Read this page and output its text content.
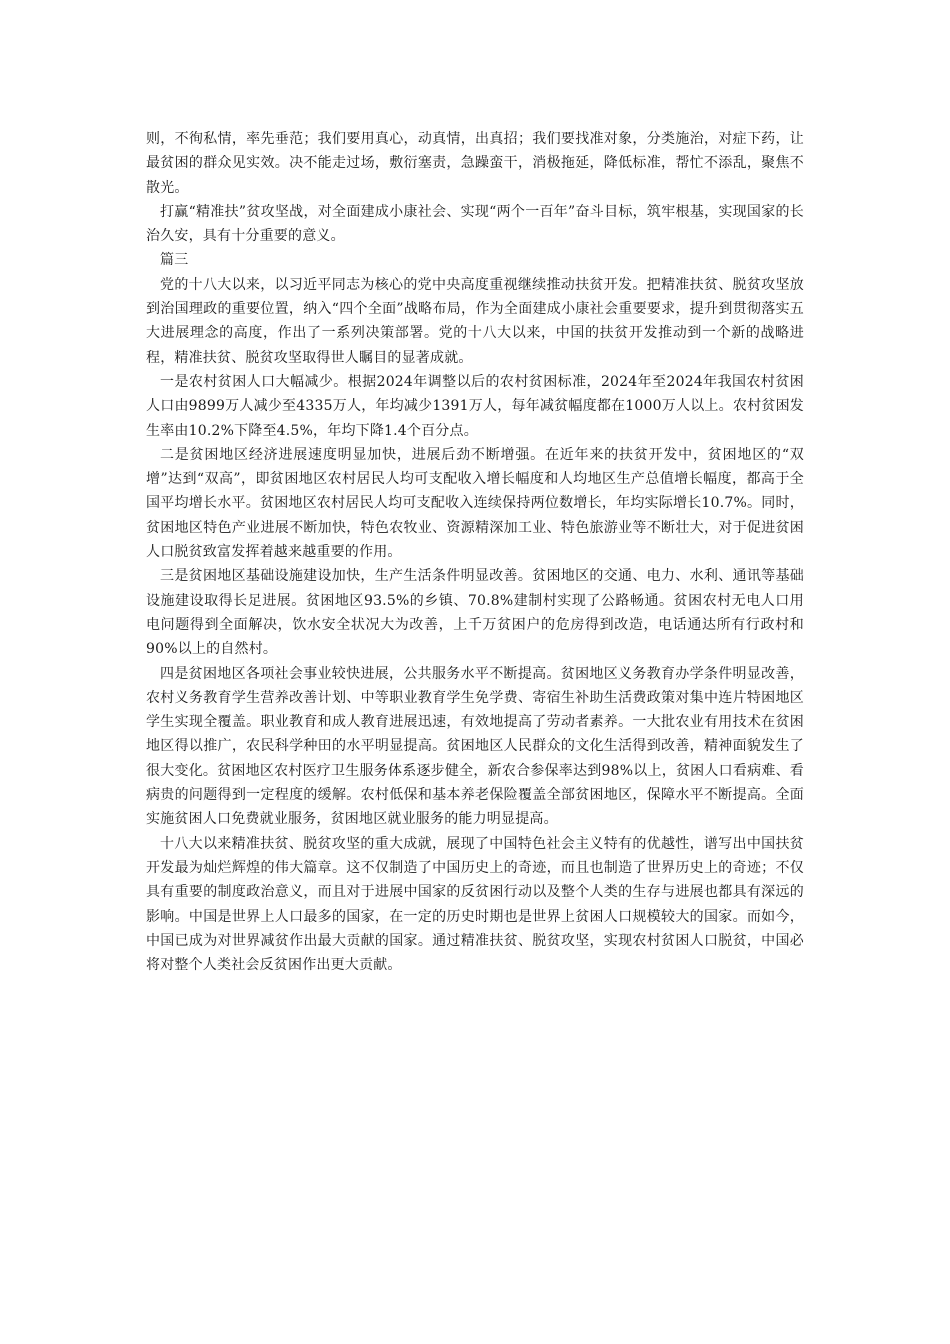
则，不徇私情，率先垂范；我们要用真心，动真情，出真招；我们要找准对象，分类施治，对症下药，让最贫困的群众见实效。决不能走过场，敷衍塞责，急躁蛮干，消极拖延，降低标准，帮忙不添乱，聚焦不散光。

打赢“精准扶”贫攻坚战，对全面建成小康社会、实现“两个一百年”奋斗目标，筑牢根基，实现国家的长治久安，具有十分重要的意义。

篇三

党的十八大以来，以习近平同志为核心的党中央高度重视继续推动扶贫开发。把精准扶贫、脱贫攻坚放到治国理政的重要位置，纳入“四个全面”战略布局，作为全面建成小康社会重要要求，提升到贯彻落实五大进展理念的高度，作出了一系列决策部署。党的十八大以来，中国的扶贫开发推动到一个新的战略进程，精准扶贫、脱贫攻坚取得世人瞩目的显著成就。

一是农村贫困人口大幅减少。根据2024年调整以后的农村贫困标准，2024年至2024年我国农村贫困人口由9899万人减少至4335万人，年均减少1391万人，每年减贫幅度都在1000万人以上。农村贫困发生率由10.2%下降至4.5%，年均下降1.4个百分点。

二是贫困地区经济进展速度明显加快，进展后劲不断增强。在近年来的扶贫开发中，贫困地区的“双增”达到“双高”，即贫困地区农村居民人均可支配收入增长幅度和人均地区生产总值增长幅度，都高于全国平均增长水平。贫困地区农村居民人均可支配收入连续保持两位数增长，年均实际增长10.7%。同时，贫困地区特色产业进展不断加快，特色农牧业、资源精深加工业、特色旅游业等不断壮大，对于促进贫困人口脱贫致富发挥着越来越重要的作用。

三是贫困地区基础设施建设加快，生产生活条件明显改善。贫困地区的交通、电力、水利、通讯等基础设施建设取得长足进展。贫困地区93.5%的乡镇、70.8%建制村实现了公路畅通。贫困农村无电人口用电问题得到全面解决，饮水安全状况大为改善，上千万贫困户的危房得到改造，电话通达所有行政村和90%以上的自然村。

四是贫困地区各项社会事业较快进展，公共服务水平不断提高。贫困地区义务教育办学条件明显改善，农村义务教育学生营养改善计划、中等职业教育学生免学费、寄宿生补助生活费政策对集中连片特困地区学生实现全覆盖。职业教育和成人教育进展迅速，有效地提高了劳动者素养。一大批农业有用技术在贫困地区得以推广，农民科学种田的水平明显提高。贫困地区人民群众的文化生活得到改善，精神面貌发生了很大变化。贫困地区农村医疗卫生服务体系逐步健全，新农合参保率达到98%以上，贫困人口看病难、看病贵的问题得到一定程度的缓解。农村低保和基本养老保险覆盖全部贫困地区，保障水平不断提高。全面实施贫困人口免费就业服务，贫困地区就业服务的能力明显提高。

十八大以来精准扶贫、脱贫攻坚的重大成就，展现了中国特色社会主义特有的优越性，谱写出中国扶贫开发最为灿烂辉煌的伟大篇章。这不仅制造了中国历史上的奇迹，而且也制造了世界历史上的奇迹；不仅具有重要的制度政治意义，而且对于进展中国家的反贫困行动以及整个人类的生存与进展也都具有深远的影响。中国是世界上人口最多的国家，在一定的历史时期也是世界上贫困人口规模较大的国家。而如今，中国已成为对世界减贫作出最大贡献的国家。通过精准扶贫、脱贫攻坚，实现农村贫困人口脱贫，中国必将对整个人类社会反贫困作出更大贡献。
